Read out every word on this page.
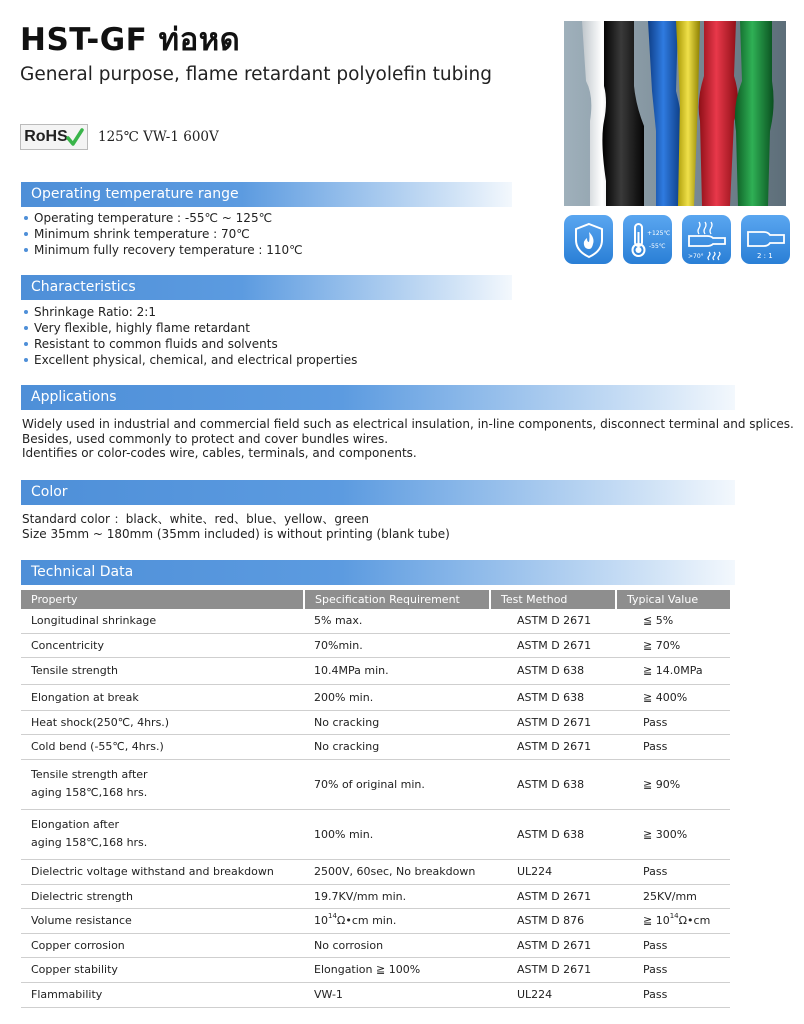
HST-GF ท่อหด
General purpose, flame retardant polyolefin tubing
RoHS 125℃ VW-1 600V
+125℃
-55℃
>70°	2 : 1
Operating temperature range
Operating temperature : -55℃ ~ 125℃
Minimum shrink temperature : 70℃
Minimum fully recovery temperature : 110℃
Characteristics
Shrinkage Ratio: 2:1
Very flexible, highly flame retardant
Resistant to common fluids and solvents
Excellent physical, chemical, and electrical properties
Applications

Widely used in industrial and commercial field such as electrical insulation, in-line components, disconnect terminal and splices.

Besides, used commonly to protect and cover bundles wires.

Identifies or color-codes wire, cables, terminals, and components.

Color

Standard color ：black、white、red、blue、yellow、green

Size 35mm ~ 180mm (35mm included) is without printing (blank tube)

Technical Data
Property	Specification Requirement	Test Method	Typical Value
Longitudinal shrinkage	5% max.	ASTM D 2671	≦ 5%
Concentricity	70%min.	ASTM D 2671	≧ 70%
Tensile strength	10.4MPa min.	ASTM D 638	≧ 14.0MPa
Elongation at break	200% min.	ASTM D 638	≧ 400%
Heat shock(250℃, 4hrs.)	No cracking	ASTM D 2671	Pass
Cold bend (-55℃, 4hrs.)	No cracking	ASTM D 2671	Pass

Tensile strength after
aging 158℃,168 hrs.	70% of original min.	ASTM D 638	≧ 90%

Elongation after
aging 158℃,168 hrs.	100% min.	ASTM D 638	≧ 300%
Dielectric voltage withstand and breakdown	2500V, 60sec, No breakdown	UL224	Pass
Dielectric strength	19.7KV/mm min.	ASTM D 2671	25KV/mm
Volume resistance	$10^{14}\Omega•cm$ min.	ASTM D 876	≧ $10^{14}\Omega•cm$
Copper corrosion	No corrosion	ASTM D 2671	Pass
Copper stability	Elongation ≧ 100%	ASTM D 2671	Pass
Flammability	VW-1	UL224	Pass
